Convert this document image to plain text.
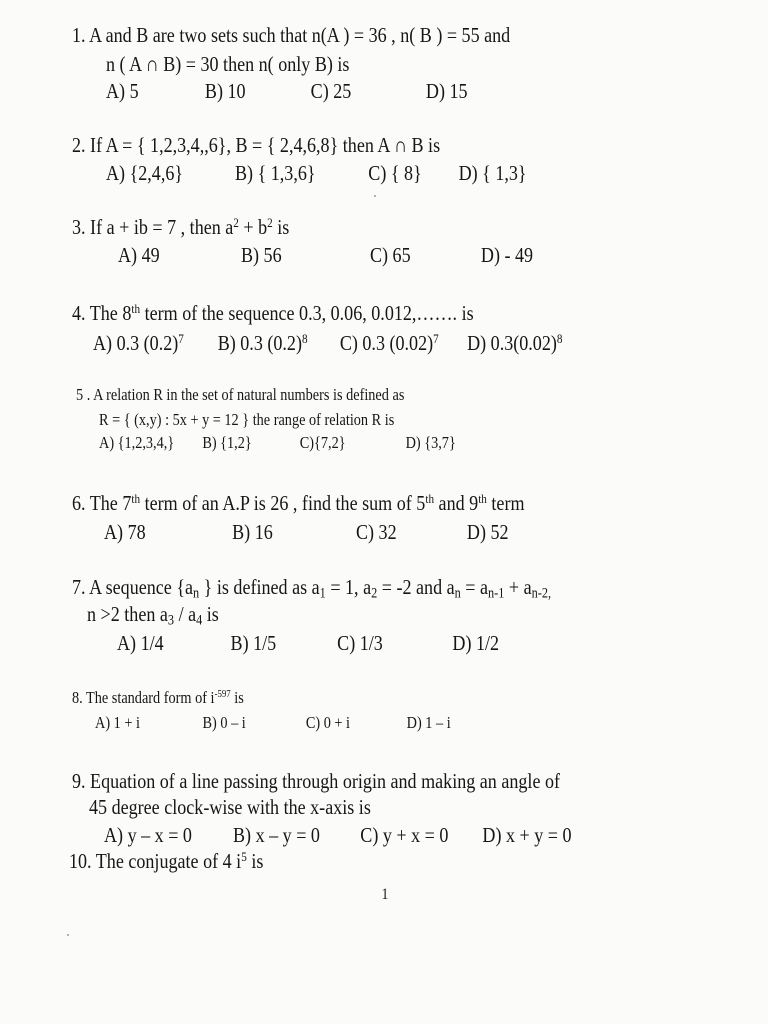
1. A and B are two sets such that n(A ) = 36 , n( B ) = 55 and
n ( A ∩ B) = 30 then n( only B) is
A) 5	B) 10	C) 25	D) 15
2. If A = { 1,2,3,4,,6}, B = { 2,4,6,8} then A ∩ B is
A) {2,4,6} B) { 1,3,6}	C) { 8} D) { 1,3}
3. If a + ib = 7 , then $a^2 + b^2$ is
A) 49	B) 56	C) 65	D) - 49
4. The 8th term of the sequence 0.3, 0.06, 0.012,……. is
A) 0.3 $(0.2)^7$ B) 0.3 $(0.2)^8$ C) 0.3 $(0.02)^7$ D) $0.3(0.02)^8$
5 . A relation R in the set of natural numbers is defined as
R = { (x,y) : 5x + y = 12 } the range of relation R is
A) {1,2,3,4,} B) {1,2}	C){7,2}	D) {3,7}
6. The 7th term of an A.P is 26 , find the sum of 5th and 9th term
A) 78	B) 16	C) 32	D) 52
7. A sequence {$a_n$ } is defined as $a_1 = 1$, $a_2 = -2$ and $a_n = a_{n-1} + a_{n-2,}$
n >2 then $a_3 / a_4$ is
A) 1/4	B) 1/5	C) 1/3	D) 1/2
8. The standard form of $i^{-597}$ is
A) 1 + i	B) 0 – i	C) 0 + i	D) 1 – i
9. Equation of a line passing through origin and making an angle of
45 degree clock-wise with the x-axis is
A) y – x = 0 B) x – y = 0 C) y + x = 0 D) x + y = 0
10. The conjugate of 4 $i^5$ is
1
